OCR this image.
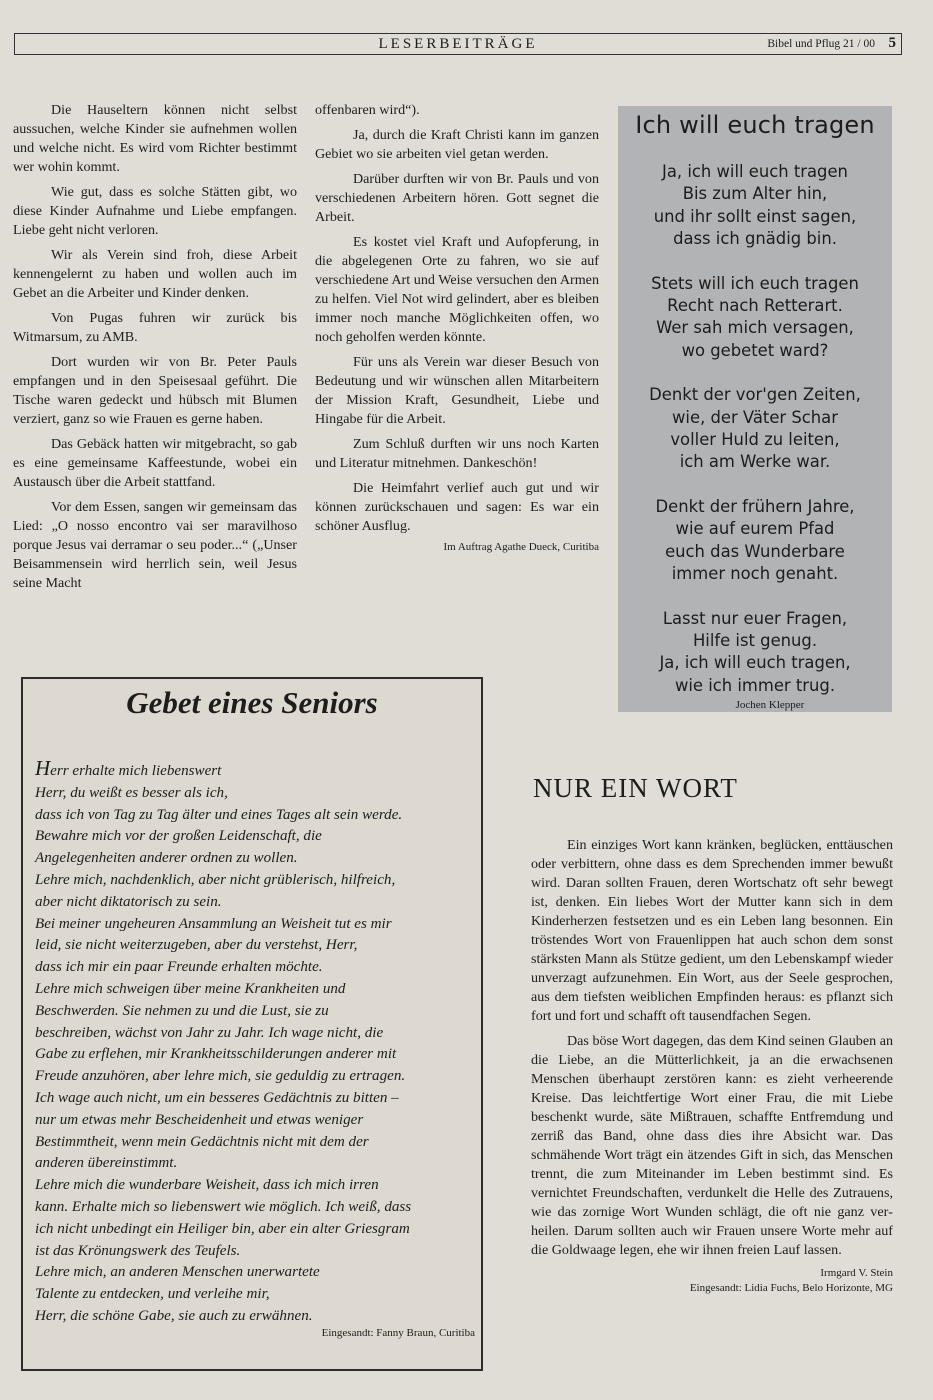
LESERBEITRÄGE	Bibel und Pflug 21 / 00 5

Die Hauseltern können nicht selbst aussuchen, welche Kinder sie aufnehmen wollen und welche nicht. Es wird vom Richter bestimmt wer wohin kommt.

Wie gut, dass es solche Stätten gibt, wo diese Kinder Aufnahme und Liebe empfangen. Liebe geht nicht verloren.

Wir als Verein sind froh, diese Arbeit kennengelernt zu haben und wollen auch im Gebet an die Arbeiter und Kinder denken.

Von Pugas fuhren wir zurück bis Witmarsum, zu AMB.

Dort wurden wir von Br. Peter Pauls empfangen und in den Speisesaal geführt. Die Tische waren gedeckt und hübsch mit Blumen verziert, ganz so wie Frauen es gerne haben.

Das Gebäck hatten wir mitgebracht, so gab es eine gemeinsame Kaffeestunde, wobei ein Austausch über die Arbeit stattfand.

Vor dem Essen, sangen wir gemeinsam das Lied: „O nosso encontro vai ser maravilhoso porque Jesus vai derramar o seu poder...“ („Unser Beisammensein wird herrlich sein, weil Jesus seine Macht

offenbaren wird“).

Ja, durch die Kraft Christi kann im ganzen Gebiet wo sie arbeiten viel getan werden.

Darüber durften wir von Br. Pauls und von verschiedenen Arbeitern hören. Gott segnet die Arbeit.

Es kostet viel Kraft und Aufopferung, in die abgelegenen Orte zu fahren, wo sie auf verschiedene Art und Weise versuchen den Armen zu helfen. Viel Not wird gelindert, aber es bleiben immer noch manche Möglichkeiten offen, wo noch geholfen werden könnte.

Für uns als Verein war dieser Besuch von Bedeutung und wir wünschen allen Mitarbeitern der Mission Kraft, Gesundheit, Liebe und Hingabe für die Arbeit.

Zum Schluß durften wir uns noch Karten und Literatur mitnehmen. Dankeschön!

Die Heimfahrt verlief auch gut und wir können zurückschauen und sagen: Es war ein schöner Ausflug.

Im Auftrag Agathe Dueck, Curitiba

Ich will euch tragen
Ja, ich will euch tragen
Bis zum Alter hin,
und ihr sollt einst sagen,
dass ich gnädig bin.
Stets will ich euch tragen
Recht nach Retterart.
Wer sah mich versagen,
wo gebetet ward?
Denkt der vor'gen Zeiten,
wie, der Väter Schar
voller Huld zu leiten,
ich am Werke war.
Denkt der frühern Jahre,
wie auf eurem Pfad
euch das Wunderbare
immer noch genaht.
Lasst nur euer Fragen,
Hilfe ist genug.
Ja, ich will euch tragen,
wie ich immer trug.
Jochen Klepper
Gebet eines Seniors
Herr erhalte mich liebenswert
Herr, du weißt es besser als ich,
dass ich von Tag zu Tag älter und eines Tages alt sein werde.
Bewahre mich vor der großen Leidenschaft, die
Angelegenheiten anderer ordnen zu wollen.
Lehre mich, nachdenklich, aber nicht grüblerisch, hilfreich,
aber nicht diktatorisch zu sein.
Bei meiner ungeheuren Ansammlung an Weisheit tut es mir
leid, sie nicht weiterzugeben, aber du verstehst, Herr,
dass ich mir ein paar Freunde erhalten möchte.
Lehre mich schweigen über meine Krankheiten und
Beschwerden. Sie nehmen zu und die Lust, sie zu
beschreiben, wächst von Jahr zu Jahr. Ich wage nicht, die
Gabe zu erflehen, mir Krankheitsschilderungen anderer mit
Freude anzuhören, aber lehre mich, sie geduldig zu ertragen.
Ich wage auch nicht, um ein besseres Gedächtnis zu bitten –
nur um etwas mehr Bescheidenheit und etwas weniger
Bestimmtheit, wenn mein Gedächtnis nicht mit dem der
anderen übereinstimmt.
Lehre mich die wunderbare Weisheit, dass ich mich irren
kann. Erhalte mich so liebenswert wie möglich. Ich weiß, dass
ich nicht unbedingt ein Heiliger bin, aber ein alter Griesgram
ist das Krönungswerk des Teufels.
Lehre mich, an anderen Menschen unerwartete
Talente zu entdecken, und verleihe mir,
Herr, die schöne Gabe, sie auch zu erwähnen.
Eingesandt: Fanny Braun, Curitiba
NUR EIN WORT

Ein einziges Wort kann kränken, beglücken, enttäuschen oder verbittern, ohne dass es dem Sprechenden immer bewußt wird. Daran sollten Frauen, deren Wortschatz oft sehr bewegt ist, denken. Ein liebes Wort der Mutter kann sich in dem Kinderherzen festsetzen und es ein Leben lang besonnen. Ein tröstendes Wort von Frauenlippen hat auch schon dem sonst stärksten Mann als Stütze gedient, um den Lebenskampf wieder unverzagt aufzunehmen. Ein Wort, aus der Seele gesprochen, aus dem tiefsten weiblichen Empfinden heraus: es pflanzt sich fort und fort und schafft oft tausendfachen Segen.

Das böse Wort dagegen, das dem Kind seinen Glauben an die Liebe, an die Mütterlichkeit, ja an die erwachsenen Menschen überhaupt zerstören kann: es zieht verheerende Kreise. Das leichtfertige Wort einer Frau, die mit Liebe beschenkt wurde, säte Mißtrauen, schaffte Entfremdung und zerriß das Band, ohne dass dies ihre Absicht war. Das schmähende Wort trägt ein ätzendes Gift in sich, das Menschen trennt, die zum Miteinander im Leben bestimmt sind. Es vernichtet Freundschaften, verdunkelt die Helle des Zutrauens, wie das zornige Wort Wunden schlägt, die oft nie ganz verheilen. Darum sollten auch wir Frauen unsere Worte mehr auf die Goldwaage legen, ehe wir ihnen freien Lauf lassen.

Irmgard V. Stein
Eingesandt: Lidia Fuchs, Belo Horizonte, MG
